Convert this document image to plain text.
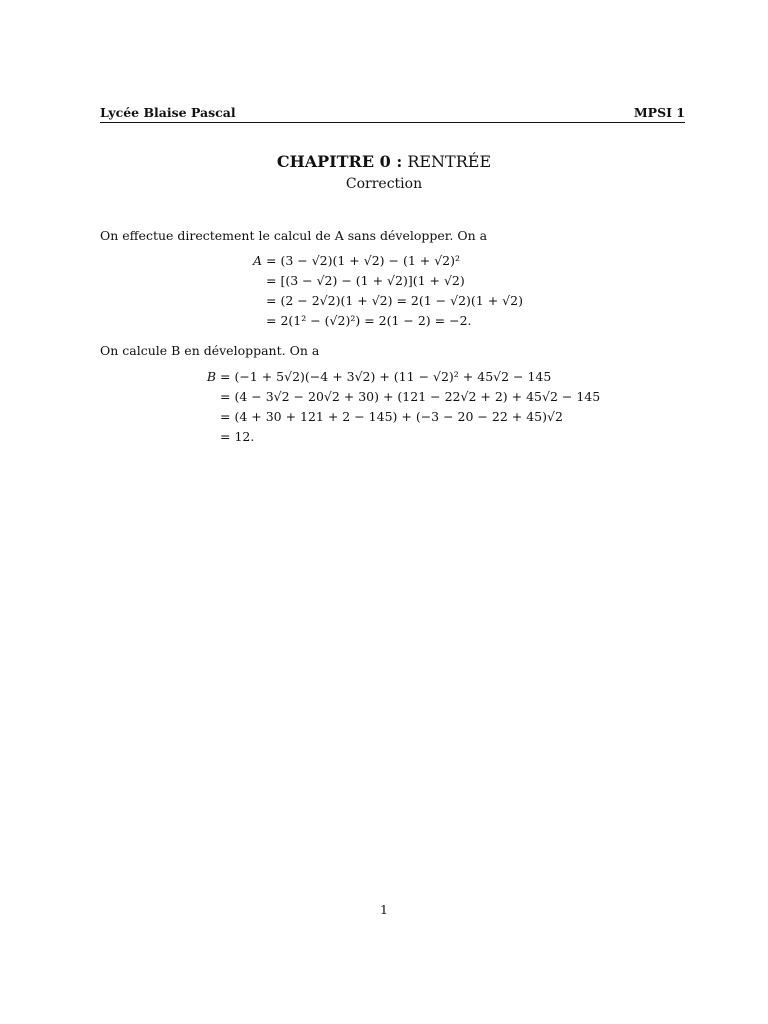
Lycée Blaise Pascal	MPSI 1
CHAPITRE 0 : RENTRÉE
Correction
On effectue directement le calcul de A sans développer. On a
A = (3 − √2)(1 + √2) − (1 + √2)²
= [(3 − √2) − (1 + √2)](1 + √2)
= (2 − 2√2)(1 + √2) = 2(1 − √2)(1 + √2)
= 2(1² − (√2)²) = 2(1 − 2) = −2.
On calcule B en développant. On a
B = (−1 + 5√2)(−4 + 3√2) + (11 − √2)² + 45√2 − 145
= (4 − 3√2 − 20√2 + 30) + (121 − 22√2 + 2) + 45√2 − 145
= (4 + 30 + 121 + 2 − 145) + (−3 − 20 − 22 + 45)√2
= 12.
1
